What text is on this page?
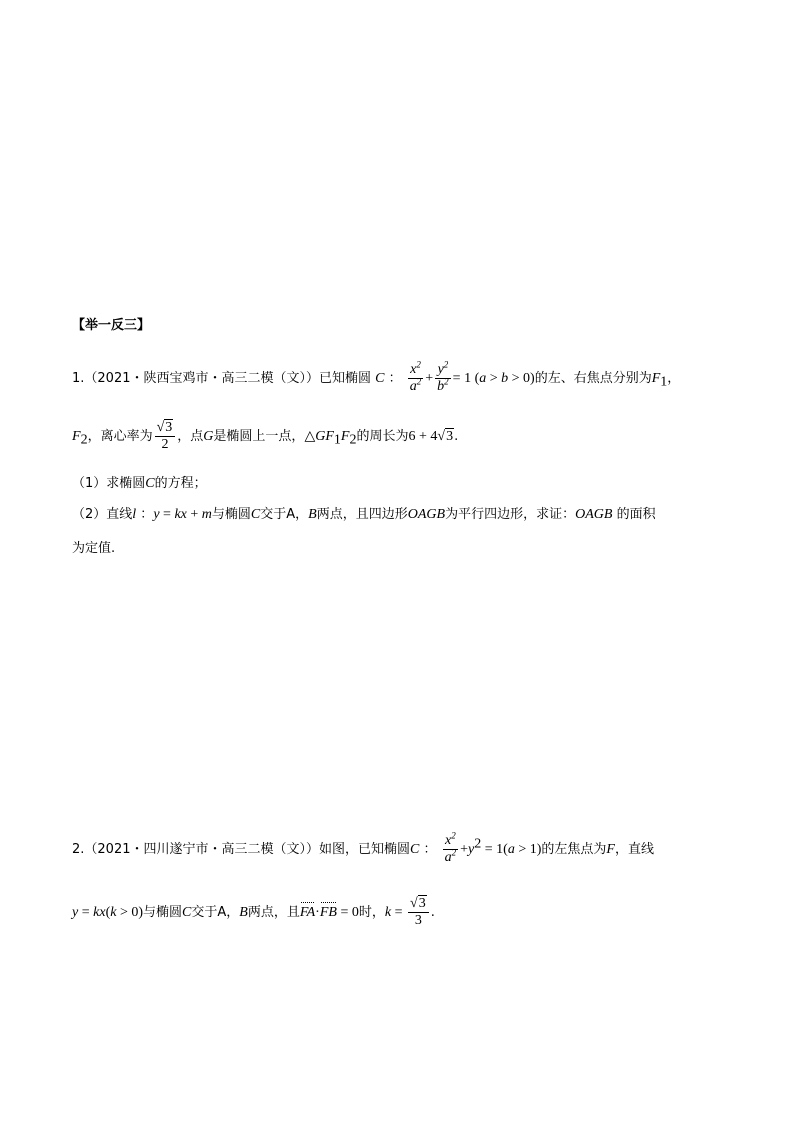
【举一反三】
1.（2021・陕西宝鸡市・高三二模（文））已知椭圆 C ： $\frac{x^2}{a^2} + \frac{y^2}{b^2} = 1$ (a > b > 0)的左、右焦点分别为$F_1$，
$F_2$，离心率为 $\frac{√3}{2}$ ，点G是椭圆上一点，$\triangle GF_1F_2$的周长为6 + 4√3.
（1）求椭圆C的方程；
（2）直线l ：y = kx + m与椭圆C交于A，B两点，且四边形OAGB为平行四边形，求证：OAGB 的面积
为定值.
2.（2021・四川遂宁市・高三二模（文））如图，已知椭圆C ： $\frac{x^2}{a^2} +y^2 = 1(a > 1)$的左焦点为F，直线
y = kx(k > 0)与椭圆C交于A，B两点，且FA·FB = 0时，$k = \frac{√3}{3}$ .
